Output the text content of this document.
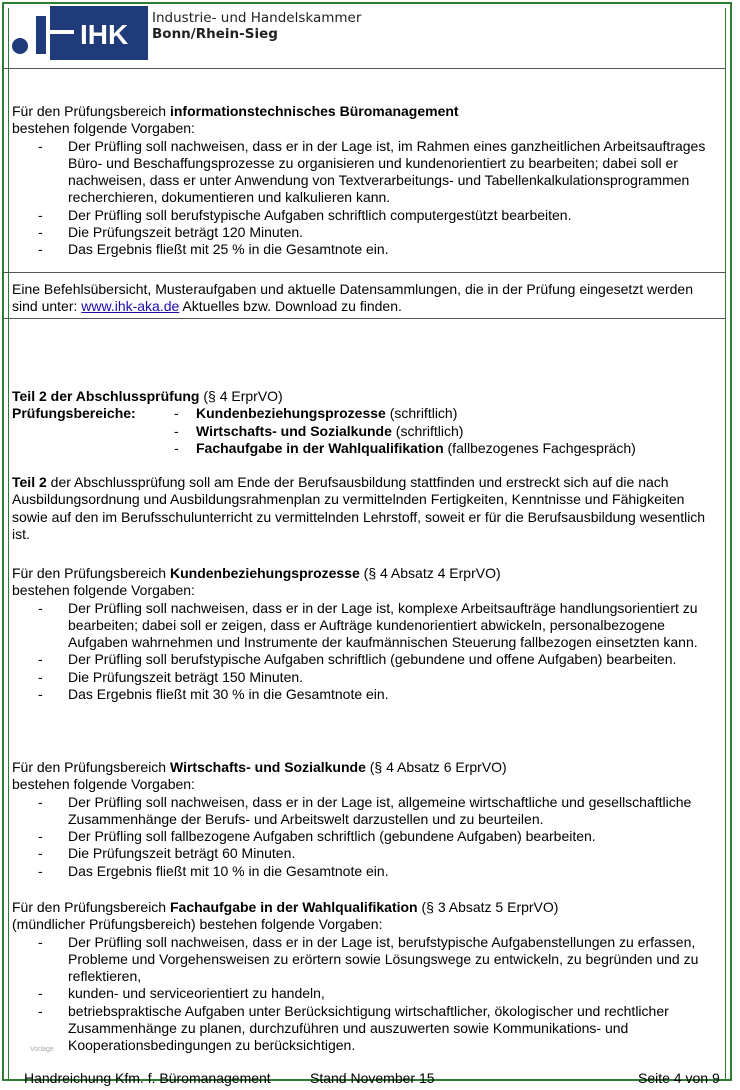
IHK
Industrie- und Handelskammer
Bonn/Rhein-Sieg

Für den Prüfungsbereich informationstechnisches Büromanagement

bestehen folgende Vorgaben:

- Der Prüfling soll nachweisen, dass er in der Lage ist, im Rahmen eines ganzheitlichen Arbeitsauftrages Büro- und Beschaffungsprozesse zu organisieren und kundenorientiert zu bearbeiten; dabei soll er nachweisen, dass er unter Anwendung von Textverarbeitungs- und Tabellenkalkulationsprogrammen recherchieren, dokumentieren und kalkulieren kann.
- Der Prüfling soll berufstypische Aufgaben schriftlich computergestützt bearbeiten.
- Die Prüfungszeit beträgt 120 Minuten.
- Das Ergebnis fließt mit 25 % in die Gesamtnote ein.

Eine Befehlsübersicht, Musteraufgaben und aktuelle Datensammlungen, die in der Prüfung eingesetzt werden sind unter: www.ihk-aka.de Aktuelles bzw. Download zu finden.

Teil 2 der Abschlussprüfung (§ 4 ErprVO)

Prüfungsbereiche:
-	Kundenbeziehungsprozesse (schriftlich)
- Wirtschafts- und Sozialkunde (schriftlich)
- Fachaufgabe in der Wahlqualifikation (fallbezogenes Fachgespräch)

Teil 2 der Abschlussprüfung soll am Ende der Berufsausbildung stattfinden und erstreckt sich auf die nach Ausbildungsordnung und Ausbildungsrahmenplan zu vermittelnden Fertigkeiten, Kenntnisse und Fähigkeiten sowie auf den im Berufsschulunterricht zu vermittelnden Lehrstoff, soweit er für die Berufsausbildung wesentlich ist.

Für den Prüfungsbereich Kundenbeziehungsprozesse (§ 4 Absatz 4 ErprVO)

bestehen folgende Vorgaben:

- Der Prüfling soll nachweisen, dass er in der Lage ist, komplexe Arbeitsaufträge handlungsorientiert zu bearbeiten; dabei soll er zeigen, dass er Aufträge kundenorientiert abwickeln, personalbezogene Aufgaben wahrnehmen und Instrumente der kaufmännischen Steuerung fallbezogen einsetzten kann.
- Der Prüfling soll berufstypische Aufgaben schriftlich (gebundene und offene Aufgaben) bearbeiten.
- Die Prüfungszeit beträgt 150 Minuten.
- Das Ergebnis fließt mit 30 % in die Gesamtnote ein.

Für den Prüfungsbereich Wirtschafts- und Sozialkunde (§ 4 Absatz 6 ErprVO)

bestehen folgende Vorgaben:

- Der Prüfling soll nachweisen, dass er in der Lage ist, allgemeine wirtschaftliche und gesellschaftliche Zusammenhänge der Berufs- und Arbeitswelt darzustellen und zu beurteilen.
- Der Prüfling soll fallbezogene Aufgaben schriftlich (gebundene Aufgaben) bearbeiten.
- Die Prüfungszeit beträgt 60 Minuten.
- Das Ergebnis fließt mit 10 % in die Gesamtnote ein.

Für den Prüfungsbereich Fachaufgabe in der Wahlqualifikation (§ 3 Absatz 5 ErprVO)

(mündlicher Prüfungsbereich) bestehen folgende Vorgaben:

- Der Prüfling soll nachweisen, dass er in der Lage ist, berufstypische Aufgabenstellungen zu erfassen, Probleme und Vorgehensweisen zu erörtern sowie Lösungswege zu entwickeln, zu begründen und zu reflektieren,
- kunden- und serviceorientiert zu handeln,
- betriebspraktische Aufgaben unter Berücksichtigung wirtschaftlicher, ökologischer und rechtlicher Zusammenhänge zu planen, durchzuführen und auszuwerten sowie Kommunikations- und Kooperationsbedingungen zu berücksichtigen.
Vorlage
Handreichung Kfm. f. Büromanagement	Stand November 15	Seite 4 von 9
